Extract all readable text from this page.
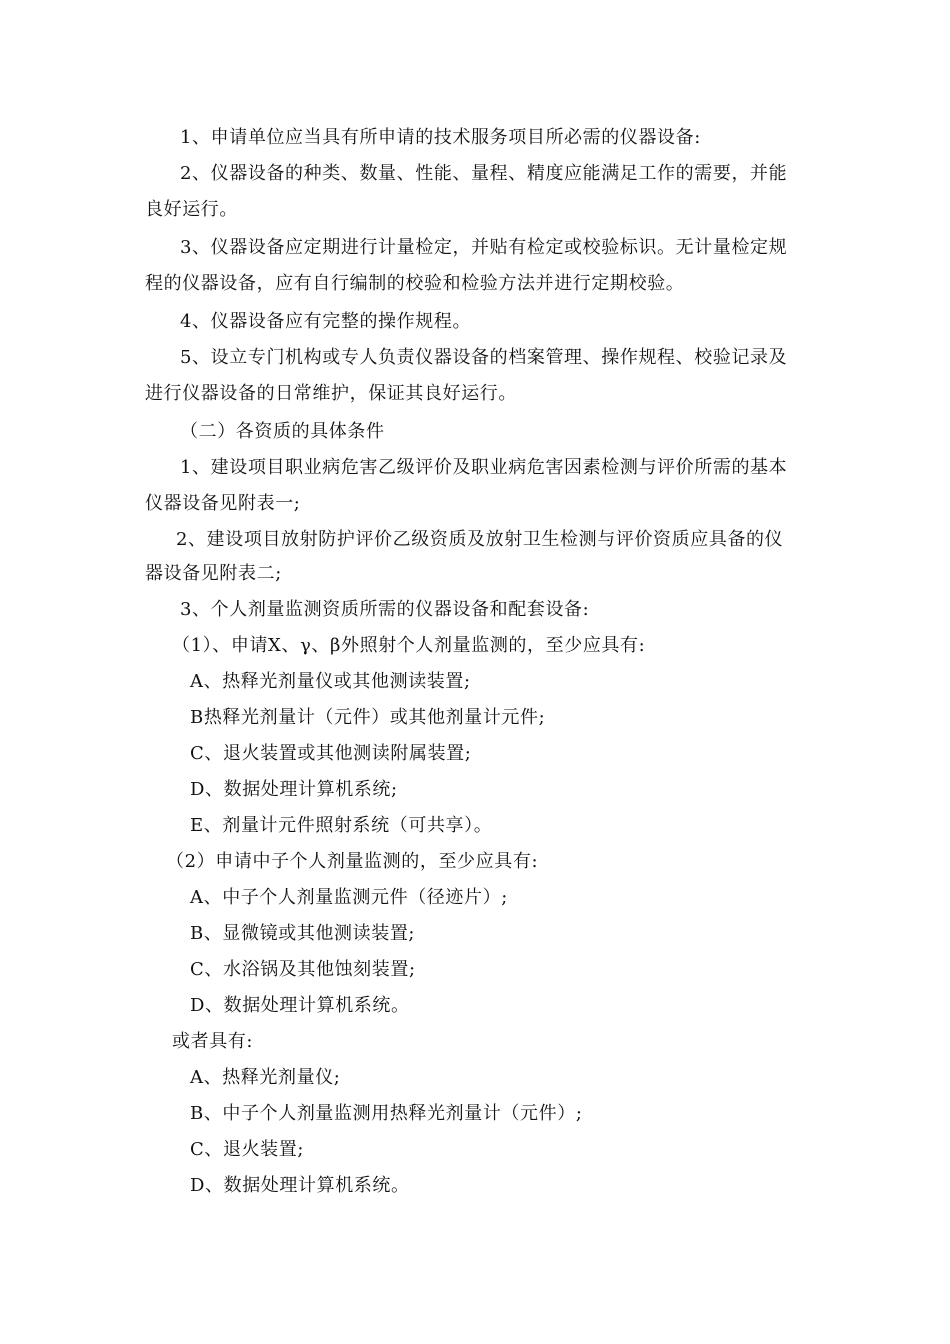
1、申请单位应当具有所申请的技术服务项目所必需的仪器设备:
2、仪器设备的种类、数量、性能、量程、精度应能满足工作的需要，并能
良好运行。
3、仪器设备应定期进行计量检定，并贴有检定或校验标识。无计量检定规
程的仪器设备，应有自行编制的校验和检验方法并进行定期校验。
4、仪器设备应有完整的操作规程。
5、设立专门机构或专人负责仪器设备的档案管理、操作规程、校验记录及
进行仪器设备的日常维护，保证其良好运行。
（二）各资质的具体条件
1、建设项目职业病危害乙级评价及职业病危害因素检测与评价所需的基本
仪器设备见附表一;
2、建设项目放射防护评价乙级资质及放射卫生检测与评价资质应具备的仪
器设备见附表二;
3、个人剂量监测资质所需的仪器设备和配套设备:
（1）、申请X、γ、β外照射个人剂量监测的，至少应具有:
A、热释光剂量仪或其他测读装置;
B热释光剂量计（元件）或其他剂量计元件;
C、退火装置或其他测读附属装置;
D、数据处理计算机系统;
E、剂量计元件照射系统（可共享）。
（2）申请中子个人剂量监测的，至少应具有:
A、中子个人剂量监测元件（径迹片）;
B、显微镜或其他测读装置;
C、水浴锅及其他蚀刻装置;
D、数据处理计算机系统。
或者具有:
A、热释光剂量仪;
B、中子个人剂量监测用热释光剂量计（元件）;
C、退火装置;
D、数据处理计算机系统。
